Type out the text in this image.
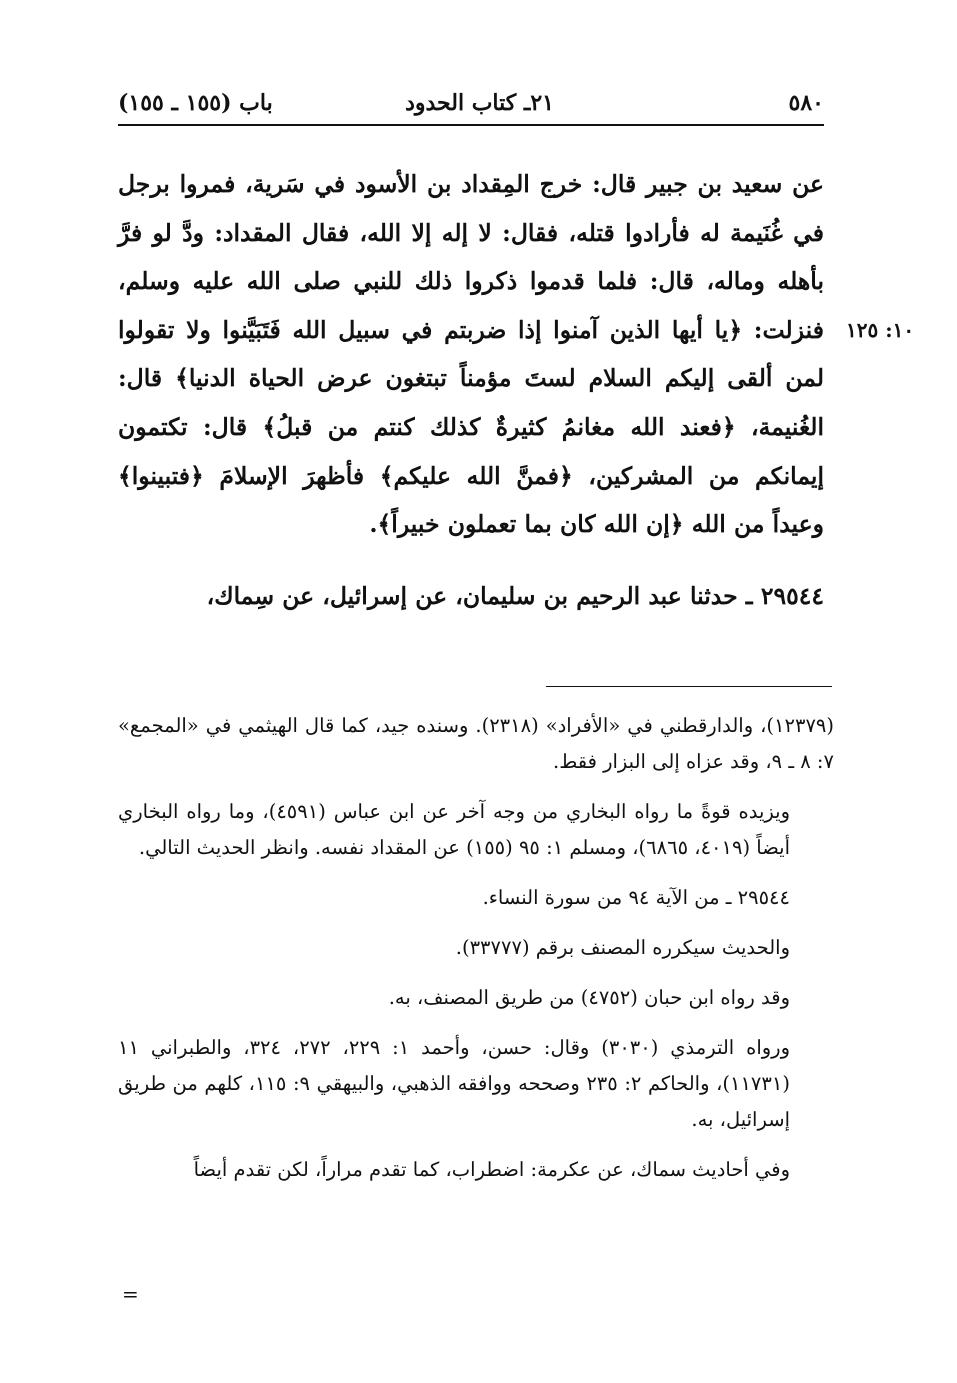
٥٨٠
٢١ـ كتاب الحدود
باب (١٥٥ ـ ١٥٥)
١٠: ١٢٥

عن سعيد بن جبير قال: خرج المِقداد بن الأسود في سَرية، فمروا برجل في غُنَيمة له فأرادوا قتله، فقال: لا إله إلا الله، فقال المقداد: ودَّ لو فرَّ بأهله وماله، قال: فلما قدموا ذكروا ذلك للنبي صلى الله عليه وسلم، فنزلت: ﴿يا أيها الذين آمنوا إذا ضربتم في سبيل الله فَتَبَيَّنوا ولا تقولوا لمن ألقى إليكم السلام لستَ مؤمناً تبتغون عرض الحياة الدنيا﴾ قال: الغُنيمة، ﴿فعند الله مغانمُ كثيرةٌ كذلك كنتم من قبلُ﴾ قال: تكتمون إيمانكم من المشركين، ﴿فمنَّ الله عليكم﴾ فأظهرَ الإسلامَ ﴿فتبينوا﴾ وعيداً من الله ﴿إن الله كان بما تعملون خبيراً﴾.

٢٩٥٤٤ ـ حدثنا عبد الرحيم بن سليمان، عن إسرائيل، عن سِماك،

(١٢٣٧٩)، والدارقطني في «الأفراد» (٢٣١٨). وسنده جيد، كما قال الهيثمي في «المجمع» ٧: ٨ ـ ٩، وقد عزاه إلى البزار فقط.

ويزيده قوةً ما رواه البخاري من وجه آخر عن ابن عباس (٤٥٩١)، وما رواه البخاري أيضاً (٤٠١٩، ٦٨٦٥)، ومسلم ١: ٩٥ (١٥٥) عن المقداد نفسه. وانظر الحديث التالي.

٢٩٥٤٤ ـ من الآية ٩٤ من سورة النساء.

والحديث سيكرره المصنف برقم (٣٣٧٧٧).

وقد رواه ابن حبان (٤٧٥٢) من طريق المصنف، به.

ورواه الترمذي (٣٠٣٠) وقال: حسن، وأحمد ١: ٢٢٩، ٢٧٢، ٣٢٤، والطبراني ١١ (١١٧٣١)، والحاكم ٢: ٢٣٥ وصححه ووافقه الذهبي، والبيهقي ٩: ١١٥، كلهم من طريق إسرائيل، به.

وفي أحاديث سماك، عن عكرمة: اضطراب، كما تقدم مراراً، لكن تقدم أيضاً

=
